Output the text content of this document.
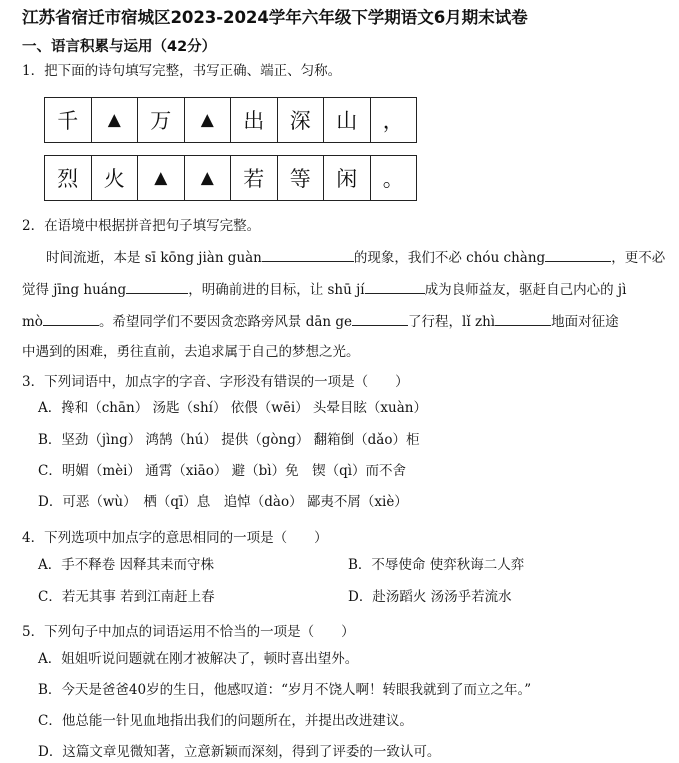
江苏省宿迁市宿城区2023-2024学年六年级下学期语文6月期末试卷
一、语言积累与运用（42分）
1．把下面的诗句填写完整，书写正确、端正、匀称。
千	▲	万	▲	出	深	山	，
烈	火	▲	▲	若	等	闲	。
2．在语境中根据拼音把句子填写完整。
时间流逝，本是 sī kōng jiàn guàn	的现象，我们不必 chóu chàng	，更不必
觉得 jīng huáng	，明确前进的目标，让 shū jí	成为良师益友，驱赶自己内心的 jì
mò	。希望同学们不要因贪恋路旁风景 dān ge	了行程，lǐ zhì	地面对征途
中遇到的困难，勇往直前，去追求属于自己的梦想之光。
3．下列词语中，加点字的字音、字形没有错误的一项是（　　）
A．搀和（chān） 汤匙（shí） 依偎（wēi） 头晕目眩（xuàn）
B．坚劲（jìng） 鸿鹄（hú） 提供（gòng） 翻箱倒（dǎo）柜
C．明媚（mèi） 通霄（xiāo） 避（bì）免　锲（qì）而不舍
D．可恶（wù）　栖（qī）息　追悼（dào） 鄙夷不屑（xiè）
4．下列选项中加点字的意思相同的一项是（　　）
A．手不释卷 因释其耒而守株	B．不辱使命 使弈秋诲二人弈
C．若无其事 若到江南赶上春	D．赴汤蹈火 汤汤乎若流水
5．下列句子中加点的词语运用不恰当的一项是（　　）
A．姐姐听说问题就在刚才被解决了，顿时喜出望外。
B．今天是爸爸40岁的生日，他感叹道：“岁月不饶人啊！转眼我就到了而立之年。”
C．他总能一针见血地指出我们的问题所在，并提出改进建议。
D．这篇文章见微知著，立意新颖而深刻，得到了评委的一致认可。
